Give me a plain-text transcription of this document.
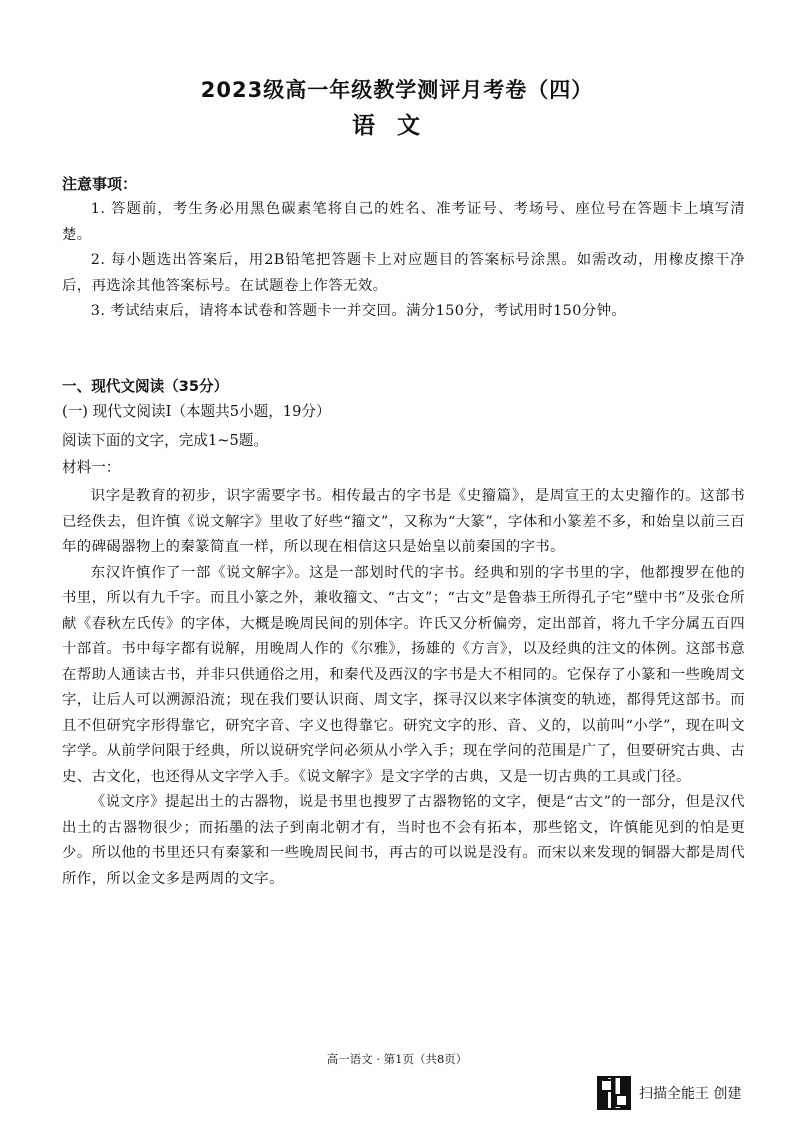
2023级高一年级教学测评月考卷（四）
语文
注意事项：

1. 答题前，考生务必用黑色碳素笔将自己的姓名、准考证号、考场号、座位号在答题卡上填写清楚。

2. 每小题选出答案后，用2B铅笔把答题卡上对应题目的答案标号涂黑。如需改动，用橡皮擦干净后，再选涂其他答案标号。在试题卷上作答无效。

3. 考试结束后，请将本试卷和答题卡一并交回。满分150分，考试用时150分钟。

一、现代文阅读（35分）
(一) 现代文阅读Ⅰ（本题共5小题，19分）
阅读下面的文字，完成1~5题。
材料一：

识字是教育的初步，识字需要字书。相传最古的字书是《史籀篇》，是周宣王的太史籀作的。这部书已经佚去，但许慎《说文解字》里收了好些“籀文”，又称为“大篆”，字体和小篆差不多，和始皇以前三百年的碑碣器物上的秦篆简直一样，所以现在相信这只是始皇以前秦国的字书。

东汉许慎作了一部《说文解字》。这是一部划时代的字书。经典和别的字书里的字，他都搜罗在他的书里，所以有九千字。而且小篆之外，兼收籀文、“古文”；“古文”是鲁恭王所得孔子宅“壁中书”及张仓所献《春秋左氏传》的字体，大概是晚周民间的别体字。许氏又分析偏旁，定出部首，将九千字分属五百四十部首。书中每字都有说解，用晚周人作的《尔雅》，扬雄的《方言》，以及经典的注文的体例。这部书意在帮助人通读古书，并非只供通俗之用，和秦代及西汉的字书是大不相同的。它保存了小篆和一些晚周文字，让后人可以溯源沿流；现在我们要认识商、周文字，探寻汉以来字体演变的轨迹，都得凭这部书。而且不但研究字形得靠它，研究字音、字义也得靠它。研究文字的形、音、义的，以前叫“小学”，现在叫文字学。从前学问限于经典，所以说研究学问必须从小学入手；现在学问的范围是广了，但要研究古典、古史、古文化，也还得从文字学入手。《说文解字》是文字学的古典，又是一切古典的工具或门径。

《说文序》提起出土的古器物，说是书里也搜罗了古器物铭的文字，便是“古文”的一部分，但是汉代出土的古器物很少；而拓墨的法子到南北朝才有，当时也不会有拓本，那些铭文，许慎能见到的怕是更少。所以他的书里还只有秦篆和一些晚周民间书，再古的可以说是没有。而宋以来发现的铜器大都是周代所作，所以金文多是两周的文字。

高一语文 · 第1页（共8页）
扫描全能王 创建
